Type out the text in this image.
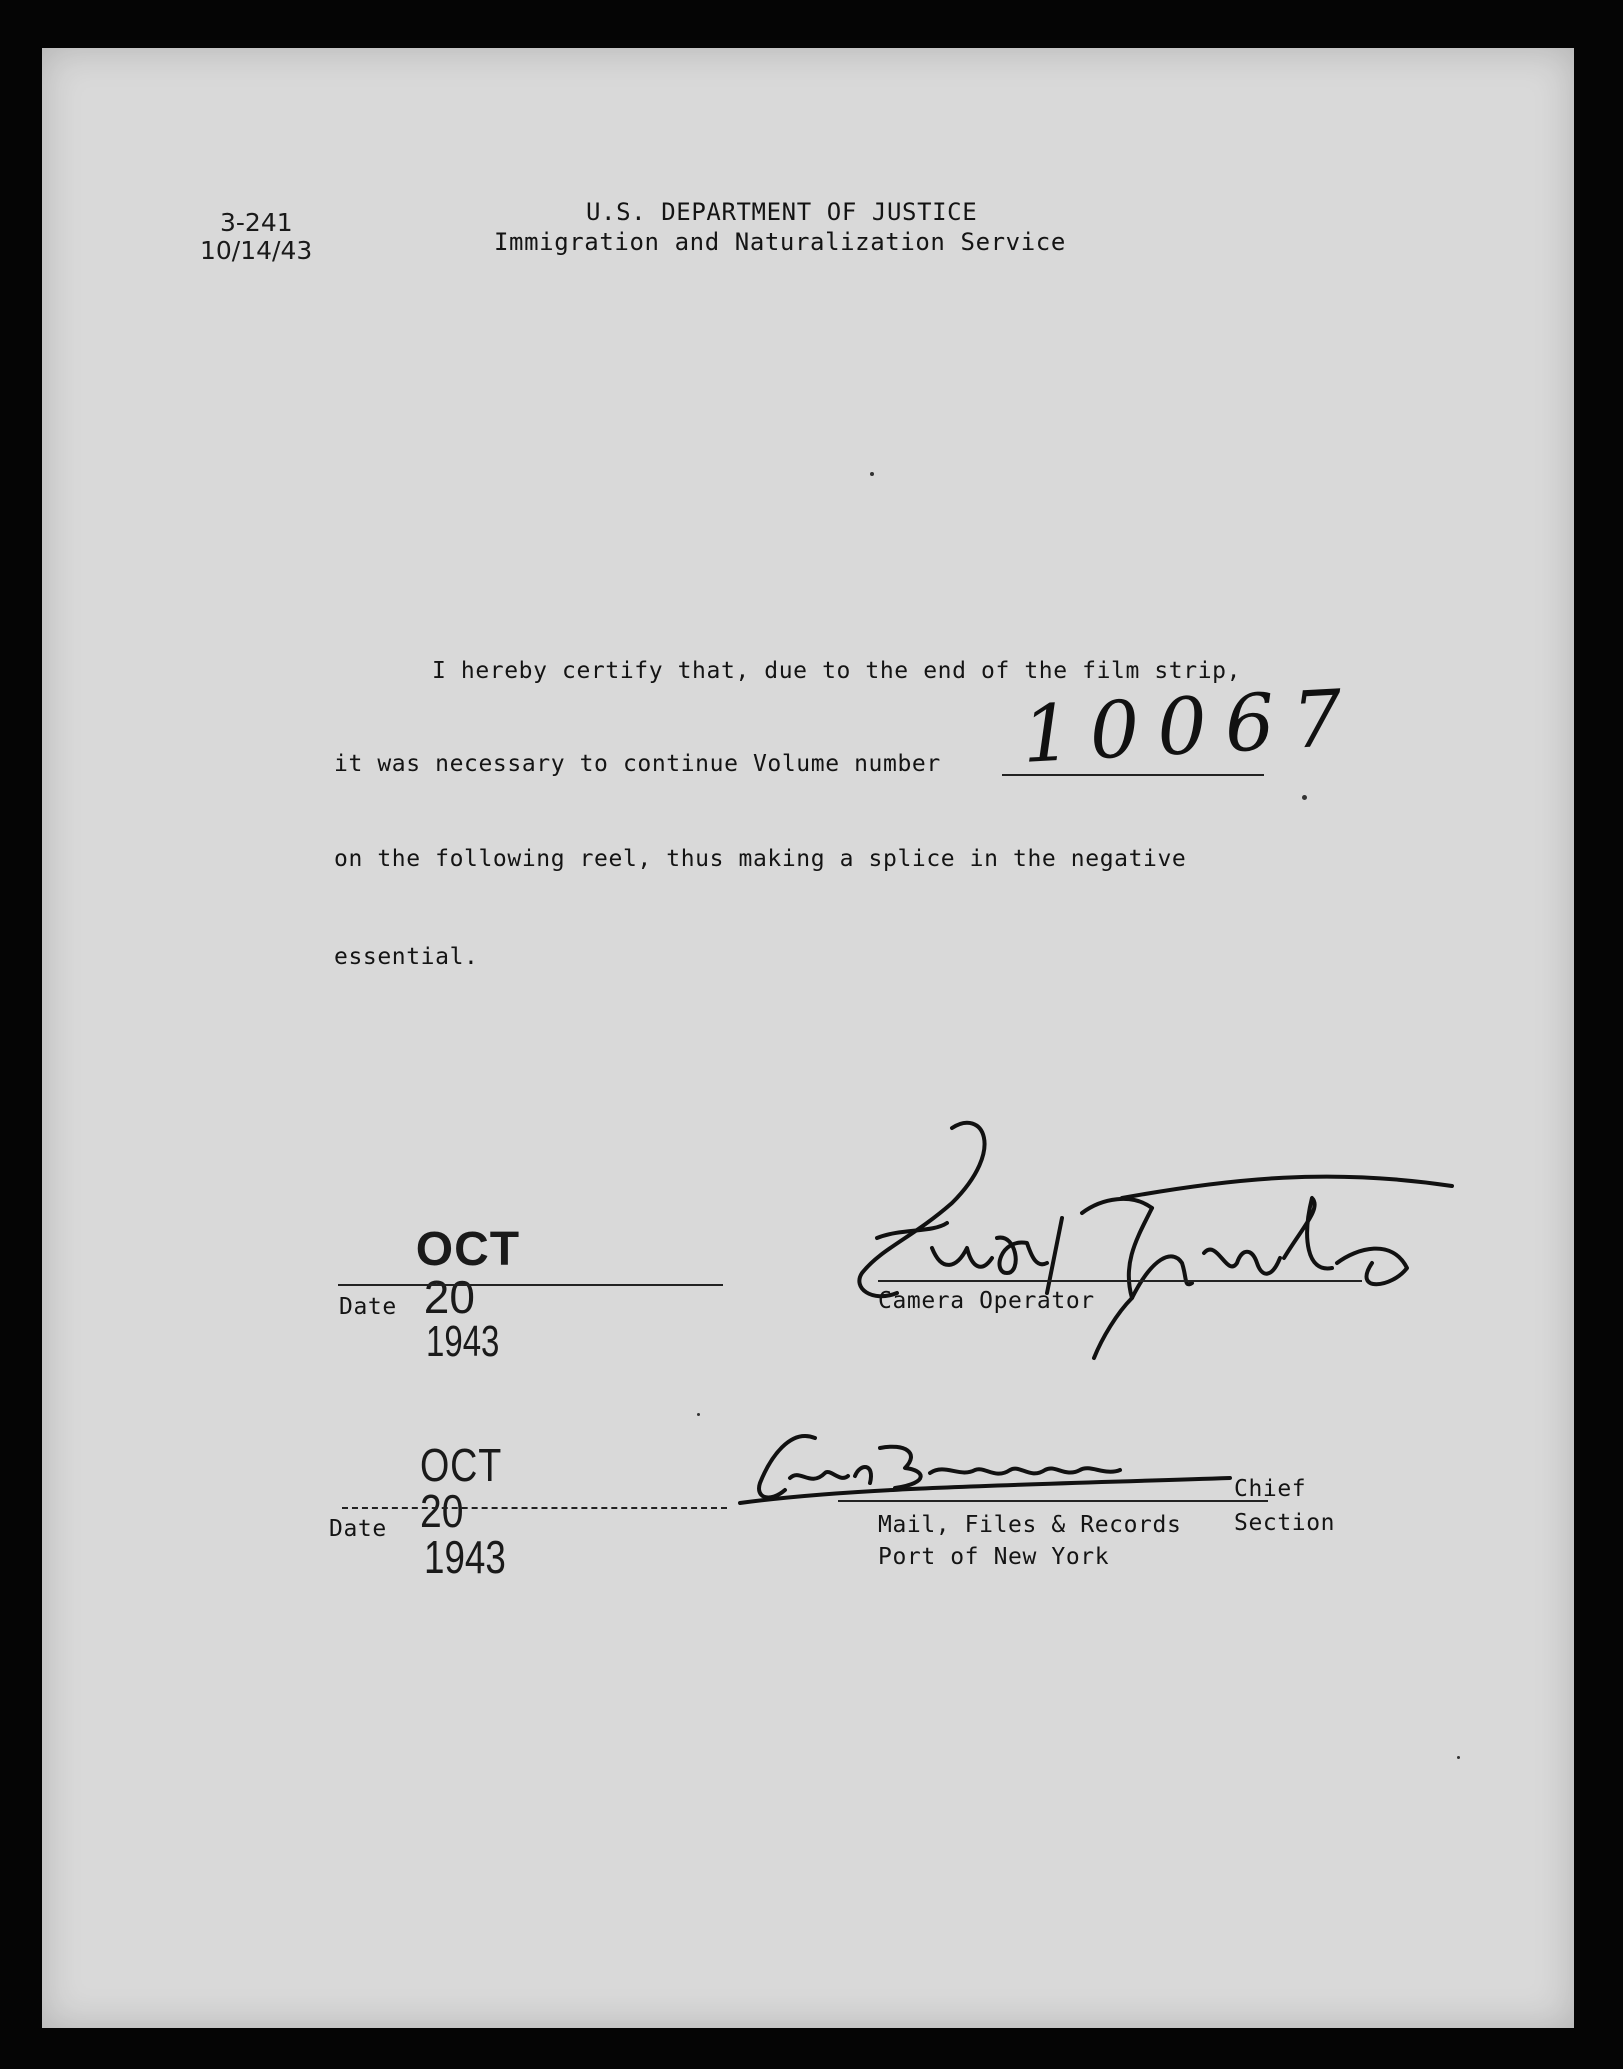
3-241
10/14/43
U.S. DEPARTMENT OF JUSTICE
Immigration and Naturalization Service
I hereby certify that, due to the end of the film strip,
it was necessary to continue Volume number 10067
on the following reel, thus making a splice in the negative
essential.

OCT
20
1943

Date	Camera Operator

OCT
20
1943

Date
Chief
Mail, Files & Records Section
Port of New York
